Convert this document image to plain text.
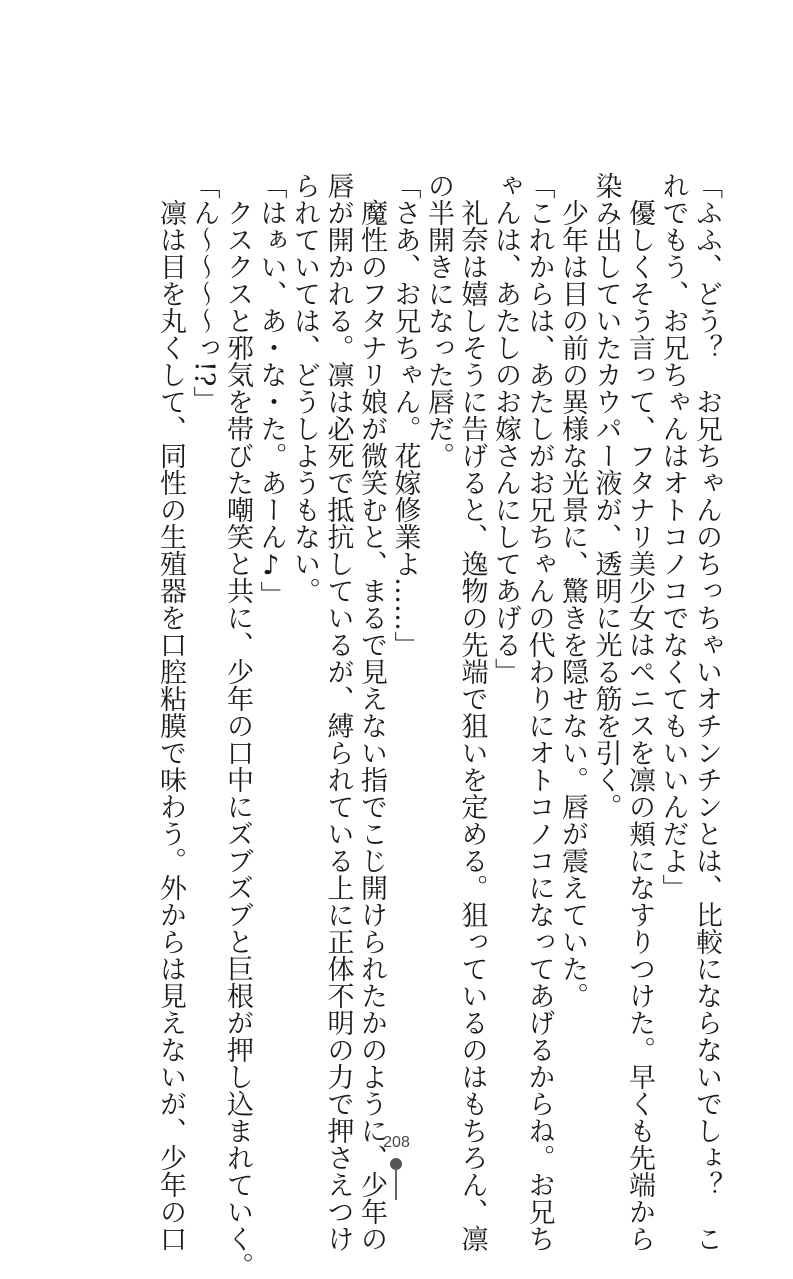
「ふふ、どう？　お兄ちゃんのちっちゃいオチンチンとは、比較にならないでしょ？　こ
れでもう、お兄ちゃんはオトコノコでなくてもいいんだよ」
　優しくそう言って、フタナリ美少女はペニスを凛の頬になすりつけた。早くも先端から
染み出していたカウパー液が、透明に光る筋を引く。
　少年は目の前の異様な光景に、驚きを隠せない。唇が震えていた。
「これからは、あたしがお兄ちゃんの代わりにオトコノコになってあげるからね。お兄ち
ゃんは、あたしのお嫁さんにしてあげる」
　礼奈は嬉しそうに告げると、逸物の先端で狙いを定める。狙っているのはもちろん、凛
の半開きになった唇だ。
「さあ、お兄ちゃん。花嫁修業よ……」
　魔性のフタナリ娘が微笑むと、まるで見えない指でこじ開けられたかのように、少年の
唇が開かれる。凛は必死で抵抗しているが、縛られている上に正体不明の力で押さえつけ
られていては、どうしようもない。
「はぁい、あ・な・た。あーん♪」
　クスクスと邪気を帯びた嘲笑と共に、少年の口中にズブズブと巨根が押し込まれていく。
「ん～～～～っ!?」
　凛は目を丸くして、同性の生殖器を口腔粘膜で味わう。外からは見えないが、少年の口	208
